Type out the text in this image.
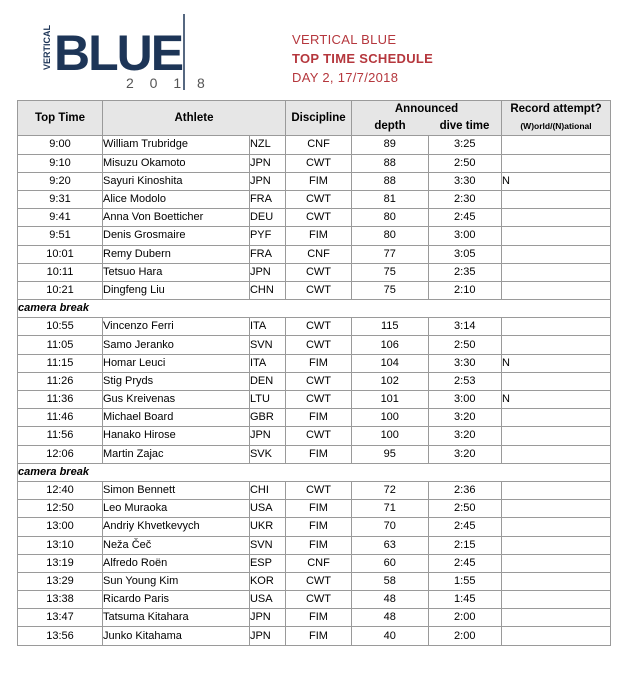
VERTICAL BLUE
2 0 1 8
VERTICAL BLUE
TOP TIME SCHEDULE
DAY 2, 17/7/2018
Top Time	Athlete		Discipline	Announced		Record attempt?
(W)orld/(N)ational

				depth	dive time	
9:00	William Trubridge	NZL	CNF	89	3:25	
9:10	Misuzu Okamoto	JPN	CWT	88	2:50	
9:20	Sayuri Kinoshita	JPN	FIM	88	3:30	N
9:31	Alice Modolo	FRA	CWT	81	2:30	
9:41	Anna Von Boetticher	DEU	CWT	80	2:45	
9:51	Denis Grosmaire	PYF	FIM	80	3:00	
10:01	Remy Dubern	FRA	CNF	77	3:05	
10:11	Tetsuo Hara	JPN	CWT	75	2:35	
10:21	Dingfeng Liu	CHN	CWT	75	2:10	
camera break						
10:55	Vincenzo Ferri	ITA	CWT	115	3:14	
11:05	Samo Jeranko	SVN	CWT	106	2:50	
11:15	Homar Leuci	ITA	FIM	104	3:30	N
11:26	Stig Pryds	DEN	CWT	102	2:53	
11:36	Gus Kreivenas	LTU	CWT	101	3:00	N
11:46	Michael Board	GBR	FIM	100	3:20	
11:56	Hanako Hirose	JPN	CWT	100	3:20	
12:06	Martin Zajac	SVK	FIM	95	3:20	
camera break						
12:40	Simon Bennett	CHI	CWT	72	2:36	
12:50	Leo Muraoka	USA	FIM	71	2:50	
13:00	Andriy Khvetkevych	UKR	FIM	70	2:45	
13:10	Neža Čeč	SVN	FIM	63	2:15	
13:19	Alfredo Roën	ESP	CNF	60	2:45	
13:29	Sun Young Kim	KOR	CWT	58	1:55	
13:38	Ricardo Paris	USA	CWT	48	1:45	
13:47	Tatsuma Kitahara	JPN	FIM	48	2:00	
13:56	Junko Kitahama	JPN	FIM	40	2:00	
